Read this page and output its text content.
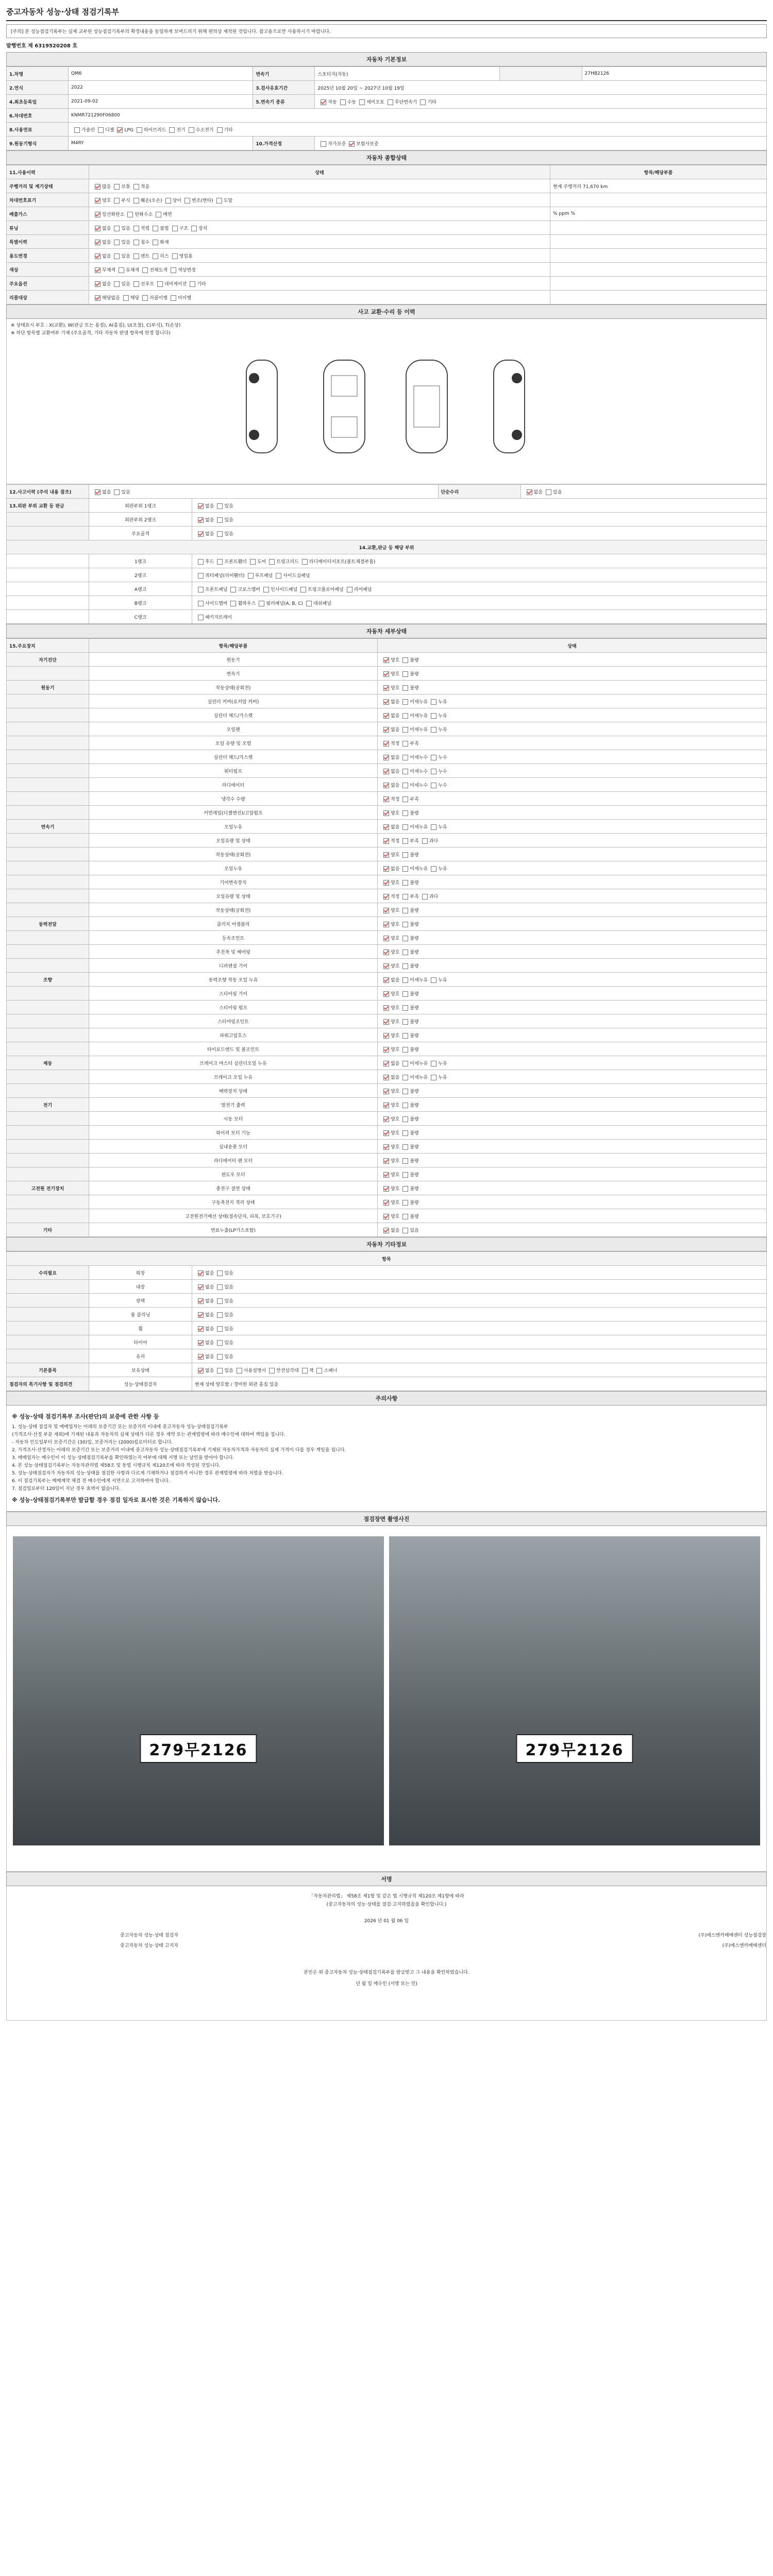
중고자동차 성능·상태 점검기록부
[주의] 본 성능점검기록부는 실제 교부된 성능점검기록부의 확정내용을 동일하게 보여드리기 위해 편의상 제작된 것입니다. 참고용으로만 사용하시기 바랍니다.
발행번호 제 6319520208 호
자동차 기본정보
1.차명	QM6	변속기	스포티지(자동)		27HB2126
2.연식	2022	3.검사유효기간	2025년 10월 20일 ~ 2027년 10월 19일		
4.최초등록일	2021-09-02	5.변속기 종류	자동 수동 세미오토 무단변속기 기타		
6.차대번호	KNMR721290F06800				
8.사용연료	가솔린 디젤 LPG 하이브리드 전기 수소전기 기타				
9.원동기형식	M4RY	10.가격산정	자가보증 보험사보증		
자동차 종합상태
11.사용이력	상태	항목/해당부품
주행거리 및 계기상태	많음 보통 적음	현재 주행거리 71,670 km
차대번호표기	양호 부식 훼손(오손) 상이 변조(변타) 도말	
배출가스	일산화탄소 탄화수소 매연	% ppm %
튜닝	없음 있음 적법 불법 구조 장치	
특별이력	없음 있음 침수 화재	
용도변경	없음 있음 렌트 리스 영업용	
색상	무채색 유채색 전체도색 색상변경	
주요옵션	없음 있음 선루프 네비게이션 기타	
리콜대상	해당없음 해당 리콜이행 미이행	
사고 교환·수리 등 이력
※ 상태표시 부호 : X(교환), W(판금 또는 용접), A(흠집), U(요철), C(부식), T(손상)
※ 하단 항목별 교환여부 기재 (주요골격, 기타 자동차 판넬 항목에 한정 합니다)
12.사고이력 (주석 내용 참조)	없음 있음		단순수리	없음 있음
13.외판 부위 교환 등 판금	외판부위 1랭크	없음 있음		
	외판부위 2랭크	없음 있음		
	주요골격	없음 있음		
14.교환,판금 등 해당 부위				
	1랭크	후드 프론트휀더 도어 트렁크리드 라디에이터서포트(볼트체결부품)		
	2랭크	쿼터패널(리어휀더) 루프패널 사이드실패널		
	A랭크	프론트패널 크로스멤버 인사이드패널 트렁크플로어패널 리어패널		
	B랭크	사이드멤버 휠하우스 필러패널(A, B, C) 대쉬패널		
	C랭크	패키지트레이		
자동차 세부상태
15.주요장치	항목/해당부품	상태
자기진단	원동기	양호 불량
	변속기	양호 불량
원동기	작동상태(공회전)	양호 불량
	실린더 커버(로커암 커버)	없음 미세누유 누유
	실린더 헤드/가스켓	없음 미세누유 누유
	오일팬	없음 미세누유 누유
	오일 유량 및 오염	적정 부족
	실린더 헤드/가스켓	없음 미세누수 누수
	워터펌프	없음 미세누수 누수
	라디에이터	없음 미세누수 누수
	냉각수 수량	적정 부족
	커먼레일(디젤엔진)/고압펌프	양호 불량
변속기	오일누유	없음 미세누유 누유
	오일유량 및 상태	적정 부족 과다
	작동상태(공회전)	양호 불량
	오일누유	없음 미세누유 누유
	기어변속장치	양호 불량
	오일유량 및 상태	적정 부족 과다
	작동상태(공회전)	양호 불량
동력전달	클러치 어셈블리	양호 불량
	등속조인트	양호 불량
	추진축 및 베어링	양호 불량
	디퍼렌셜 기어	양호 불량
조향	동력조향 작동 오일 누유	없음 미세누유 누유
	스티어링 기어	양호 불량
	스티어링 펌프	양호 불량
	스티어링조인트	양호 불량
	파워고압호스	양호 불량
	타이로드엔드 및 볼조인트	양호 불량
제동	브레이크 마스터 실린더오일 누유	없음 미세누유 누유
	브레이크 오일 누유	없음 미세누유 누유
	배력장치 상태	양호 불량
전기	발전기 출력	양호 불량
	시동 모터	양호 불량
	와이퍼 모터 기능	양호 불량
	실내송풍 모터	양호 불량
	라디에이터 팬 모터	양호 불량
	윈도우 모터	양호 불량
고전원 전기장치	충전구 절연 상태	양호 불량
	구동축전지 격리 상태	양호 불량
	고전원전기배선 상태(접속단자, 피복, 보호기구)	양호 불량
기타	연료누출(LP가스포함)	없음 있음
자동차 기타정보
항목		
수리필요	외장	없음 있음
	내장	없음 있음
	광택	없음 있음
	룸 클리닝	없음 있음
	휠	없음 있음
	타이어	없음 있음
	유리	없음 있음
기본품목	보유상태	없음 있음 사용설명서 안전삼각대 잭 스패너
점검자의 특기사항 및 점검의견	성능·상태점검자	현재 상태 양호함 / 경미한 외판 흠집 있음
주의사항

※ 성능·상태 점검기록부 조사(판단)의 보증에 관한 사항 등

1. 성능·상태 점검자 및 매매업자는 아래의 보증기간 또는 보증거리 이내에 중고자동차 성능·상태점검기록부

(가격조사·산정 부분 제외)에 기재된 내용과 자동차의 실제 상태가 다른 경우 계약 또는 관계법령에 따라 매수인에 대하여 책임을 집니다.

- 자동차 인도일부터 보증기간은 (30)일, 보증거리는 (2000)킬로미터로 합니다.

2. 가격조사·산정자는 아래의 보증기간 또는 보증거리 이내에 중고자동차 성능·상태점검기록부에 기재된 자동차가격과 자동차의 실제 가격이 다를 경우 책임을 집니다.

3. 매매업자는 매수인이 이 성능·상태점검기록부를 확인하였는지 여부에 대해 서명 또는 날인을 받아야 합니다.

4. 본 성능·상태점검기록부는 자동차관리법 제58조 및 동법 시행규칙 제120조에 따라 작성된 것입니다.

5. 성능·상태점검자가 자동차의 성능·상태를 점검한 사항과 다르게 기재하거나 점검하지 아니한 경우 관계법령에 따라 처벌을 받습니다.

6. 이 점검기록부는 매매계약 체결 전 매수인에게 서면으로 고지하여야 합니다.

7. 점검일로부터 120일이 지난 경우 효력이 없습니다.

※ 성능·상태점검기록부만 발급할 경우 점검 일자로 표시한 것은 기록하지 않습니다.

점검장면 촬영사진
279무2126	279무2126
서명
「자동차관리법」 제58조 제1항 및 같은 법 시행규칙 제120조 제1항에 따라
(중고자동차의 성능·상태를 점검·고지하였음을 확인합니다.)
2026 년 01 월 06 일
중고자동차 성능·상태 점검자	(주)에스엔카매매센터 성능점검장
중고자동차 성능·상태 고지자	(주)에스엔카매매센터
본인은 위 중고자동차 성능·상태점검기록부를 발급받고 그 내용을 확인하였습니다.
년 월 일 매수인 (서명 또는 인)
